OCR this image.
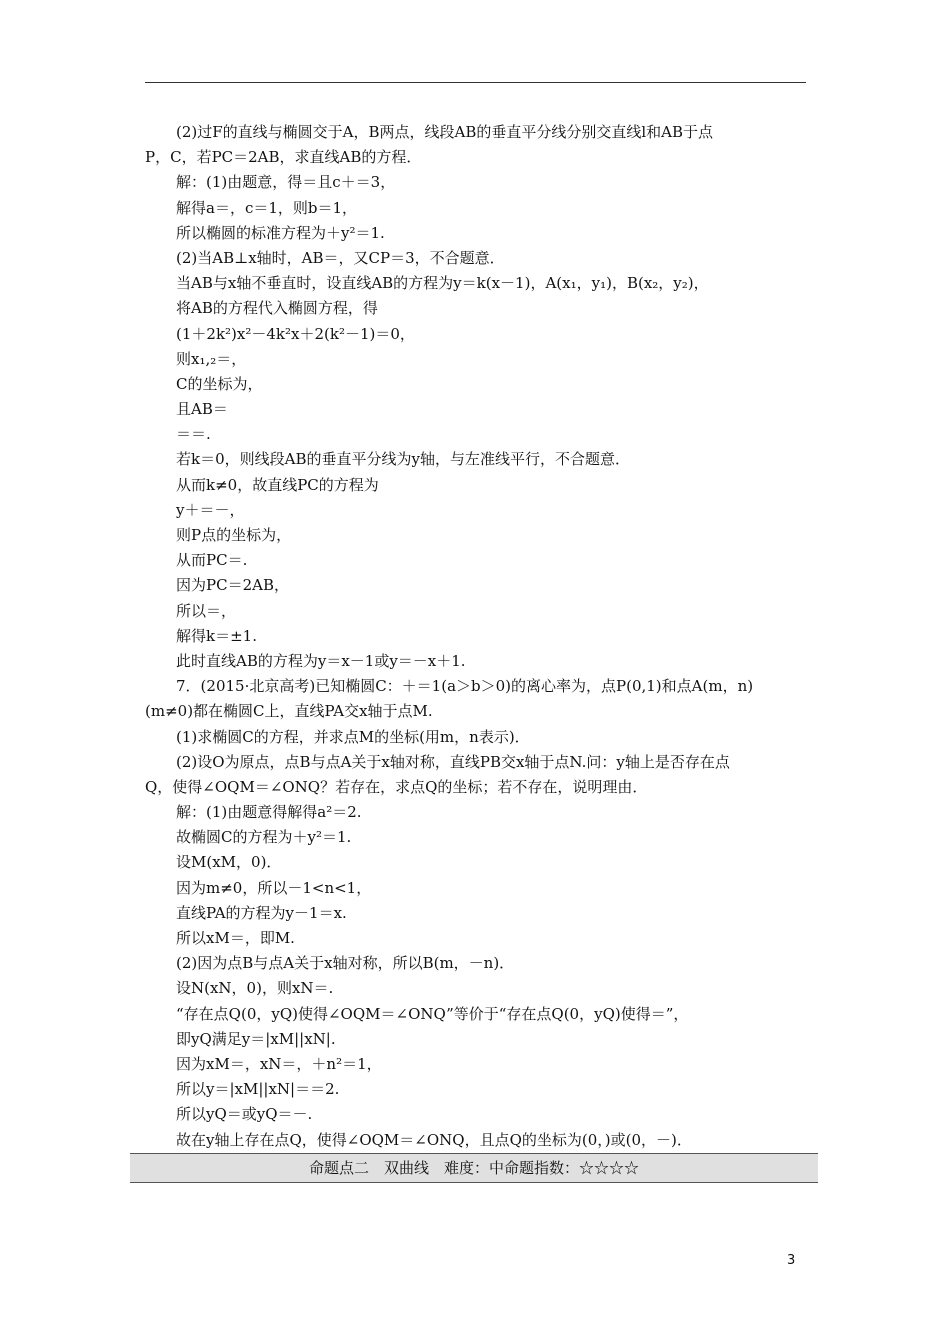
(2)过F的直线与椭圆交于A，B两点，线段AB的垂直平分线分别交直线l和AB于点
P，C，若PC＝2AB，求直线AB的方程．
解：(1)由题意，得＝且c＋＝3，
解得a＝，c＝1，则b＝1，
所以椭圆的标准方程为＋y²＝1.
(2)当AB⊥x轴时，AB＝，又CP＝3，不合题意．
当AB与x轴不垂直时，设直线AB的方程为y＝k(x－1)，A(x₁，y₁)，B(x₂，y₂)，
将AB的方程代入椭圆方程，得
(1＋2k²)x²－4k²x＋2(k²－1)＝0，
则x₁,₂＝，
C的坐标为，
且AB＝
＝＝.
若k＝0，则线段AB的垂直平分线为y轴，与左准线平行，不合题意．
从而k≠0，故直线PC的方程为
y＋＝－，
则P点的坐标为，
从而PC＝.
因为PC＝2AB，
所以＝，
解得k＝±1.
此时直线AB的方程为y＝x－1或y＝－x＋1.
7．(2015·北京高考)已知椭圆C：＋＝1(a＞b＞0)的离心率为，点P(0,1)和点A(m，n)
(m≠0)都在椭圆C上，直线PA交x轴于点M.
(1)求椭圆C的方程，并求点M的坐标(用m，n表示)．
(2)设O为原点，点B与点A关于x轴对称，直线PB交x轴于点N.问：y轴上是否存在点
Q，使得∠OQM＝∠ONQ？若存在，求点Q的坐标；若不存在，说明理由．
解：(1)由题意得解得a²＝2.
故椭圆C的方程为＋y²＝1.
设M(xM，0)．
因为m≠0，所以－1<n<1，
直线PA的方程为y－1＝x.
所以xM＝，即M.
(2)因为点B与点A关于x轴对称，所以B(m，－n)．
设N(xN，0)，则xN＝.
“存在点Q(0，yQ)使得∠OQM＝∠ONQ”等价于“存在点Q(0，yQ)使得＝”，
即yQ满足y＝|xM||xN|.
因为xM＝，xN＝，＋n²＝1，
所以y＝|xM||xN|＝＝2.
所以yQ＝或yQ＝－.
故在y轴上存在点Q，使得∠OQM＝∠ONQ，且点Q的坐标为(0，)或(0，－)．
命题点二　双曲线　难度：中命题指数：☆☆☆☆
3
